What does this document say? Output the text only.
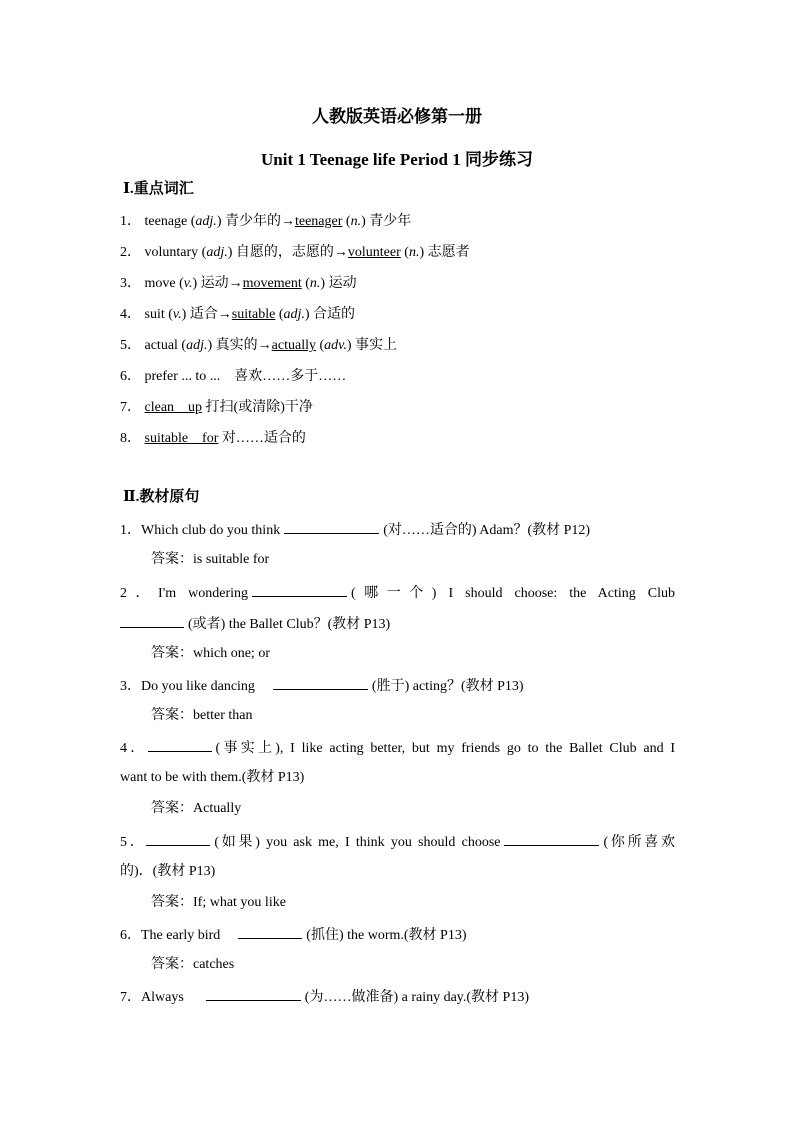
人教版英语必修第一册
Unit 1 Teenage life Period 1 同步练习
Ⅰ.重点词汇
1． teenage (adj.) 青少年的→teenager (n.) 青少年
2． voluntary (adj.) 自愿的，志愿的→volunteer (n.) 志愿者
3． move (v.) 运动→movement (n.) 运动
4． suit (v.) 适合→suitable (adj.) 合适的
5． actual (adj.) 真实的→actually (adv.) 事实上
6． prefer ... to ...　喜欢……多于……
7． clean　up 打扫(或清除)干净
8． suitable　for 对……适合的
Ⅱ.教材原句
1．Which club do you think	(对……适合的) Adam？(教材 P12)
答案：is suitable for
2．I'm wondering	(哪一个) I should choose: the Acting Club
(或者) the Ballet Club？(教材 P13)
答案：which one; or
3．Do you like dancing	(胜于) acting？(教材 P13)
答案：better than
4．	(事实上), I like acting better, but my friends go to the Ballet Club and I
want to be with them.(教材 P13)
答案：Actually
5．	(如果) you ask me, I think you should choose	(你所喜欢
的)．(教材 P13)
答案：If; what you like
6．The early bird	(抓住) the worm.(教材 P13)
答案：catches
7．Always	(为……做准备) a rainy day.(教材 P13)
